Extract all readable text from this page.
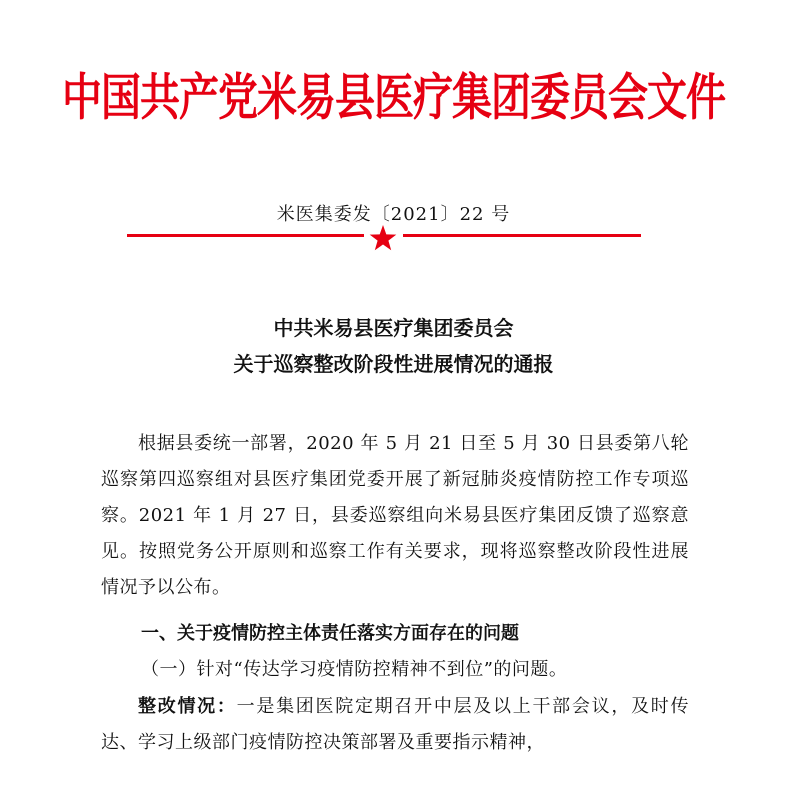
中国共产党米易县医疗集团委员会文件
米医集委发〔2021〕22 号
中共米易县医疗集团委员会
关于巡察整改阶段性进展情况的通报
根据县委统一部署，2020 年 5 月 21 日至 5 月 30 日县委第八轮巡察第四巡察组对县医疗集团党委开展了新冠肺炎疫情防控工作专项巡察。2021 年 1 月 27 日，县委巡察组向米易县医疗集团反馈了巡察意见。按照党务公开原则和巡察工作有关要求，现将巡察整改阶段性进展情况予以公布。
一、关于疫情防控主体责任落实方面存在的问题
（一）针对“传达学习疫情防控精神不到位”的问题。
整改情况：一是集团医院定期召开中层及以上干部会议，及时传达、学习上级部门疫情防控决策部署及重要指示精神，
